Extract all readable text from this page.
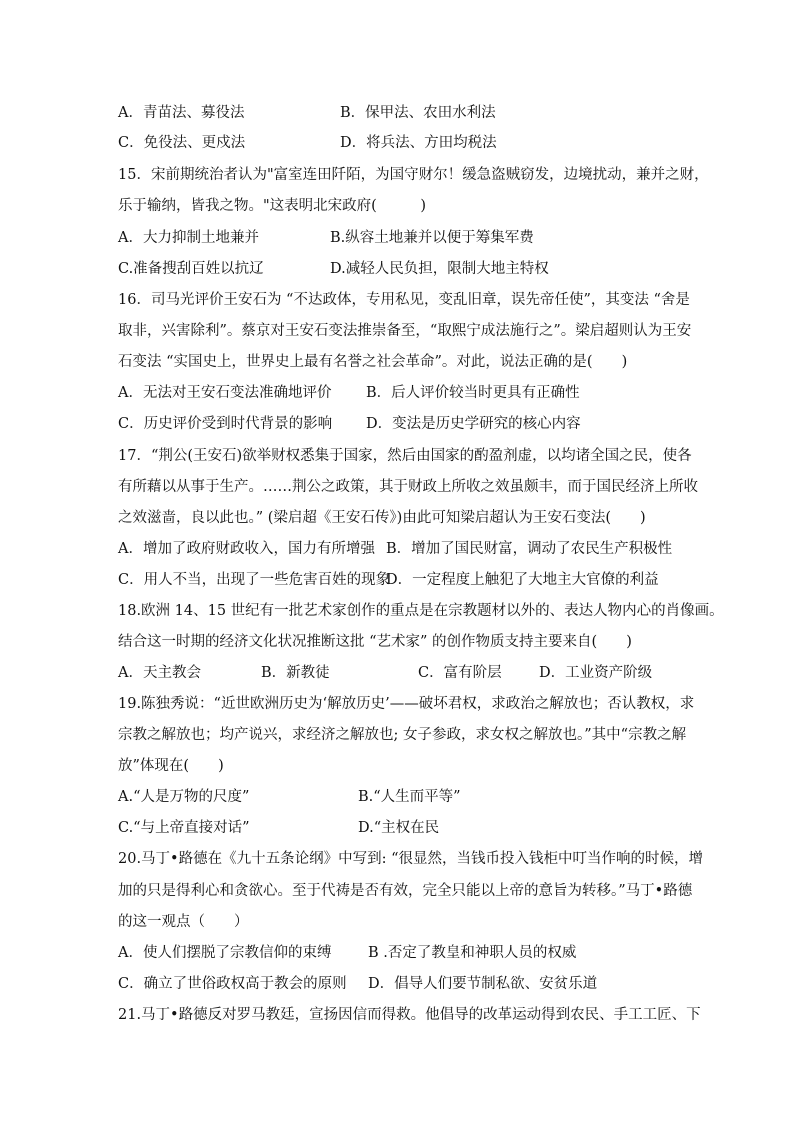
A．青苗法、募役法	B．保甲法、农田水利法
C．免役法、更戍法	D．将兵法、方田均税法
15．宋前期统治者认为"富室连田阡陌，为国守财尔！缓急盗贼窃发，边境扰动，兼并之财，
乐于输纳，皆我之物。"这表明北宋政府(　　　)
A．大力抑制土地兼并	B.纵容土地兼并以便于筹集军费
C.准备搜刮百姓以抗辽	D.减轻人民负担，限制大地主特权
16．司马光评价王安石为 “不达政体，专用私见，变乱旧章，误先帝任使”，其变法 “舍是
取非，兴害除利”。蔡京对王安石变法推崇备至，“取熙宁成法施行之”。梁启超则认为王安
石变法 “实国史上，世界史上最有名誉之社会革命”。对此，说法正确的是(　　)
A．无法对王安石变法准确地评价 B．后人评价较当时更具有正确性
C．历史评价受到时代背景的影响 D．变法是历史学研究的核心内容
17．“荆公(王安石)欲举财权悉集于国家，然后由国家的酌盈剂虚，以均诸全国之民，使各
有所藉以从事于生产。……荆公之政策，其于财政上所收之效虽颇丰，而于国民经济上所收
之效滋啬，良以此也。” (梁启超《王安石传》)由此可知梁启超认为王安石变法(　　)
A．增加了政府财政收入，国力有所增强 B．增加了国民财富，调动了农民生产积极性
C．用人不当，出现了一些危害百姓的现象
D．一定程度上触犯了大地主大官僚的利益
18.欧洲 14、15 世纪有一批艺术家创作的重点是在宗教题材以外的、表达人物内心的肖像画。
结合这一时期的经济文化状况推断这批 “艺术家” 的创作物质支持主要来自(　　)
A．天主教会	B．新教徒	C．富有阶层	D．工业资产阶级
19.陈独秀说：“近世欧洲历史为‘解放历史’——破坏君权，求政治之解放也；否认教权，求
宗教之解放也；均产说兴，求经济之解放也; 女子参政，求女权之解放也。”其中“宗教之解
放”体现在(　　)
A.“人是万物的尺度”	B.“人生而平等”
C.“与上帝直接对话”	D.“主权在民
20.马丁•路德在《九十五条论纲》中写到: “很显然，当钱币投入钱柜中叮当作响的时候，增
加的只是得利心和贪欲心。至于代祷是否有效，完全只能以上帝的意旨为转移。”马丁•路德
的这一观点（　　）
A．使人们摆脱了宗教信仰的束缚	B .否定了教皇和神职人员的权威
C．确立了世俗政权高于教会的原则 D．倡导人们要节制私欲、安贫乐道
21.马丁•路德反对罗马教廷，宣扬因信而得救。他倡导的改革运动得到农民、手工工匠、下
